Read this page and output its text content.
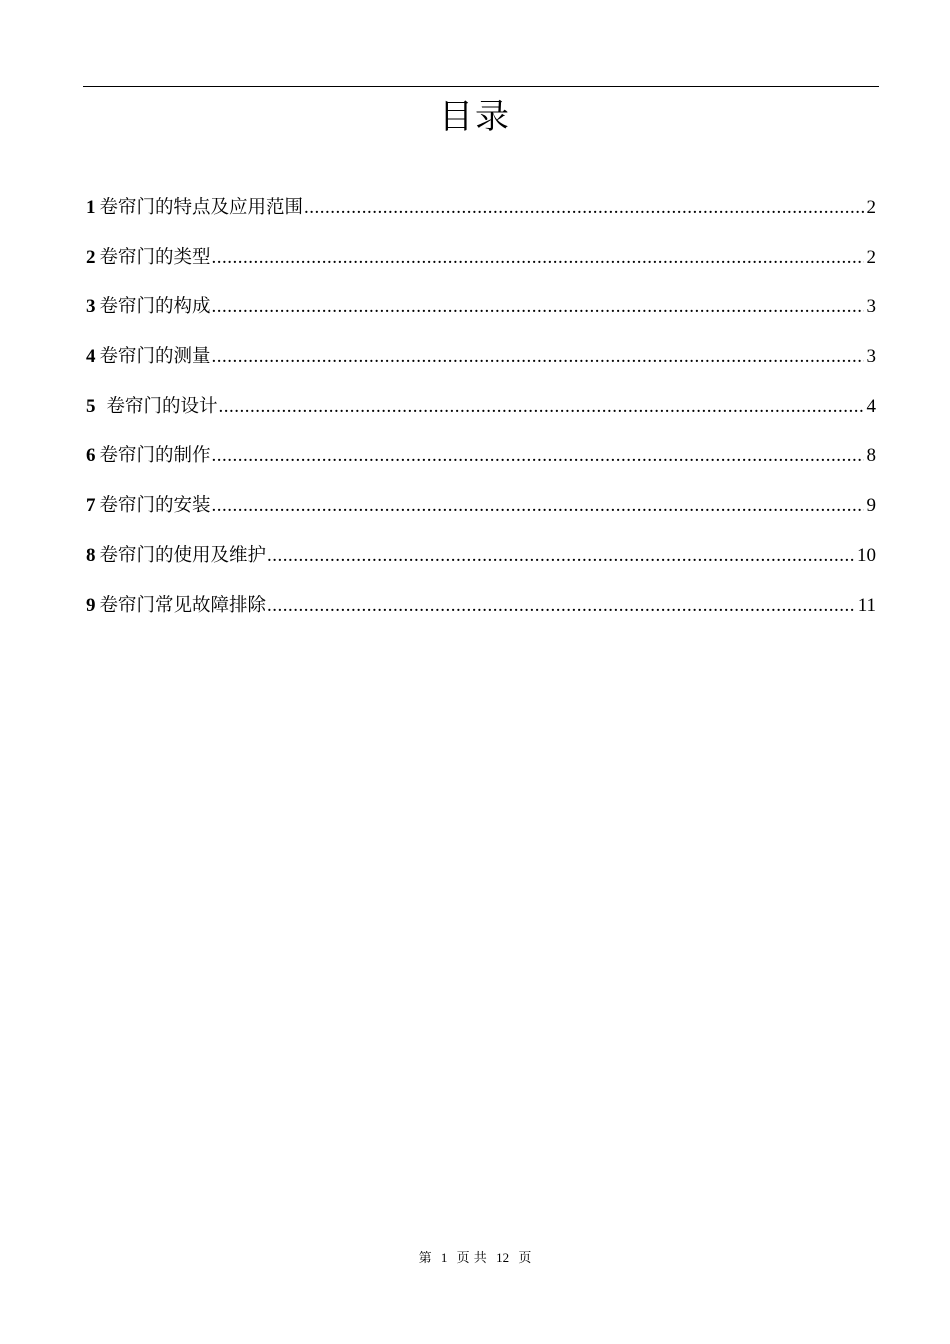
目录
1 卷帘门的特点及应用范围 .....	2
2 卷帘门的类型 .....	2
3 卷帘门的构成 .....	3
4 卷帘门的测量 .....	3
5 卷帘门的设计 .....	4
6 卷帘门的制作 .....	8
7 卷帘门的安装 .....	9
8 卷帘门的使用及维护 .....	10
9 卷帘门常见故障排除 .....	11
第 1 页 共 12 页
